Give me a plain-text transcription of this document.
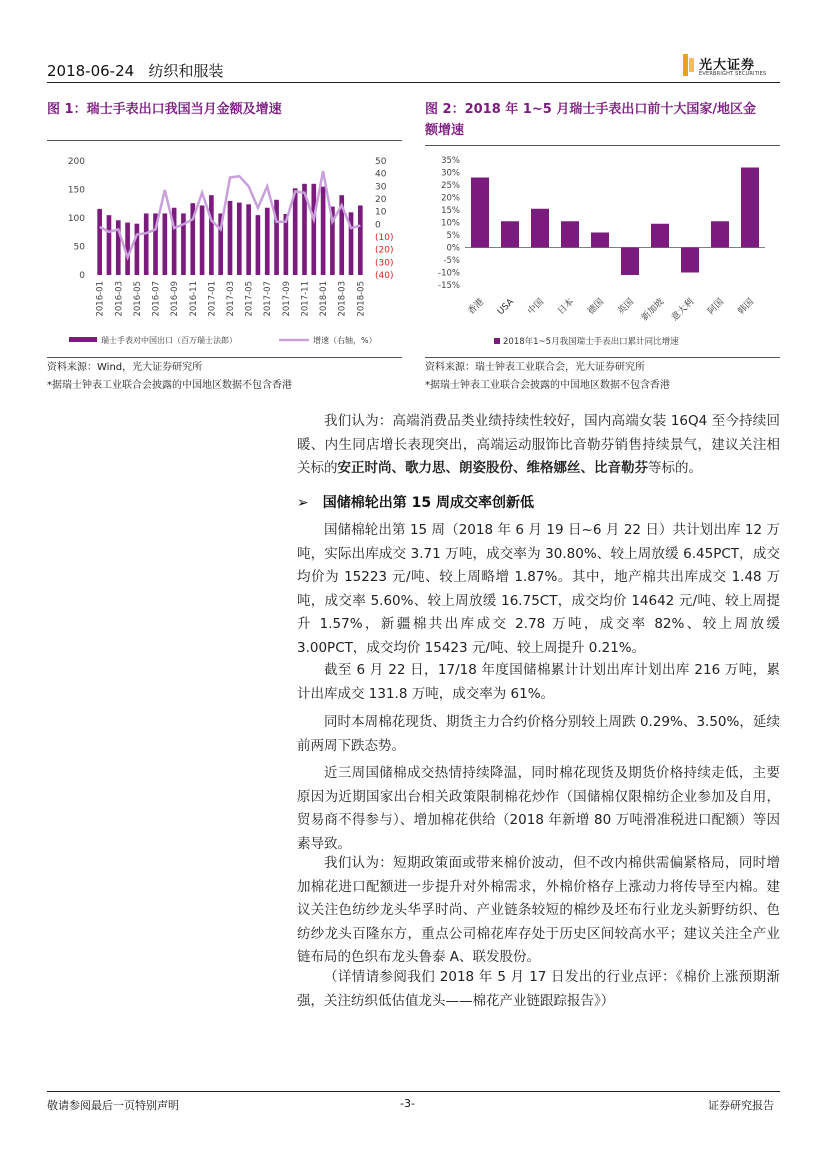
2018-06-24 纺织和服装	光大证券
EVERBRIGHT SECURITIES
图 1：瑞士手表出口我国当月金额及增速
200
150
100
50
0
50
40
30
20
10
0
(10)
(20)
(30)
(40)
2016-01 2016-03 2016-05 2016-07 2016-09 2016-11 2017-01 2017-03 2017-05 2017-07 2017-09 2017-11 2018-01 2018-03 2018-05
瑞士手表对中国出口（百万瑞士法郎）	增速（右轴，%）
资料来源：Wind，光大证券研究所
*据瑞士钟表工业联合会披露的中国地区数据不包含香港
图 2：2018 年 1~5 月瑞士手表出口前十大国家/地区金
额增速
35%
30%
25%
20%
15%
10%
5%
0%
-5%
-10%
-15%
香港 USA 中国 日本 德国 英国 新加坡 意大利 阿国 韩国
2018年1~5月我国瑞士手表出口累计同比增速
资料来源：瑞士钟表工业联合会，光大证券研究所
*据瑞士钟表工业联合会披露的中国地区数据不包含香港
我们认为：高端消费品类业绩持续性较好，国内高端女装 16Q4 至今持续回暖、内生同店增长表现突出，高端运动服饰比音勒芬销售持续景气，建议关注相关标的安正时尚、歌力思、朗姿股份、维格娜丝、比音勒芬等标的。
➢ 国储棉轮出第 15 周成交率创新低
国储棉轮出第 15 周（2018 年 6 月 19 日~6 月 22 日）共计划出库 12 万吨，实际出库成交 3.71 万吨，成交率为 30.80%、较上周放缓 6.45PCT，成交均价为 15223 元/吨、较上周略增 1.87%。其中，地产棉共出库成交 1.48 万吨，成交率 5.60%、较上周放缓 16.75CT，成交均价 14642 元/吨、较上周提升 1.57%，新疆棉共出库成交 2.78 万吨，成交率 82%、较上周放缓 3.00PCT，成交均价 15423 元/吨、较上周提升 0.21%。
截至 6 月 22 日，17/18 年度国储棉累计计划出库计划出库 216 万吨，累计出库成交 131.8 万吨，成交率为 61%。
同时本周棉花现货、期货主力合约价格分别较上周跌 0.29%、3.50%，延续前两周下跌态势。
近三周国储棉成交热情持续降温，同时棉花现货及期货价格持续走低，主要原因为近期国家出台相关政策限制棉花炒作（国储棉仅限棉纺企业参加及自用，贸易商不得参与）、增加棉花供给（2018 年新增 80 万吨滑准税进口配额）等因素导致。
我们认为：短期政策面或带来棉价波动，但不改内棉供需偏紧格局，同时增加棉花进口配额进一步提升对外棉需求，外棉价格存上涨动力将传导至内棉。建议关注色纺纱龙头华孚时尚、产业链条较短的棉纱及坯布行业龙头新野纺织、色纺纱龙头百隆东方，重点公司棉花库存处于历史区间较高水平；建议关注全产业链布局的色织布龙头鲁泰 A、联发股份。
（详情请参阅我们 2018 年 5 月 17 日发出的行业点评：《棉价上涨预期渐强，关注纺织低估值龙头——棉花产业链跟踪报告》）
敬请参阅最后一页特别声明	-3-	证券研究报告
